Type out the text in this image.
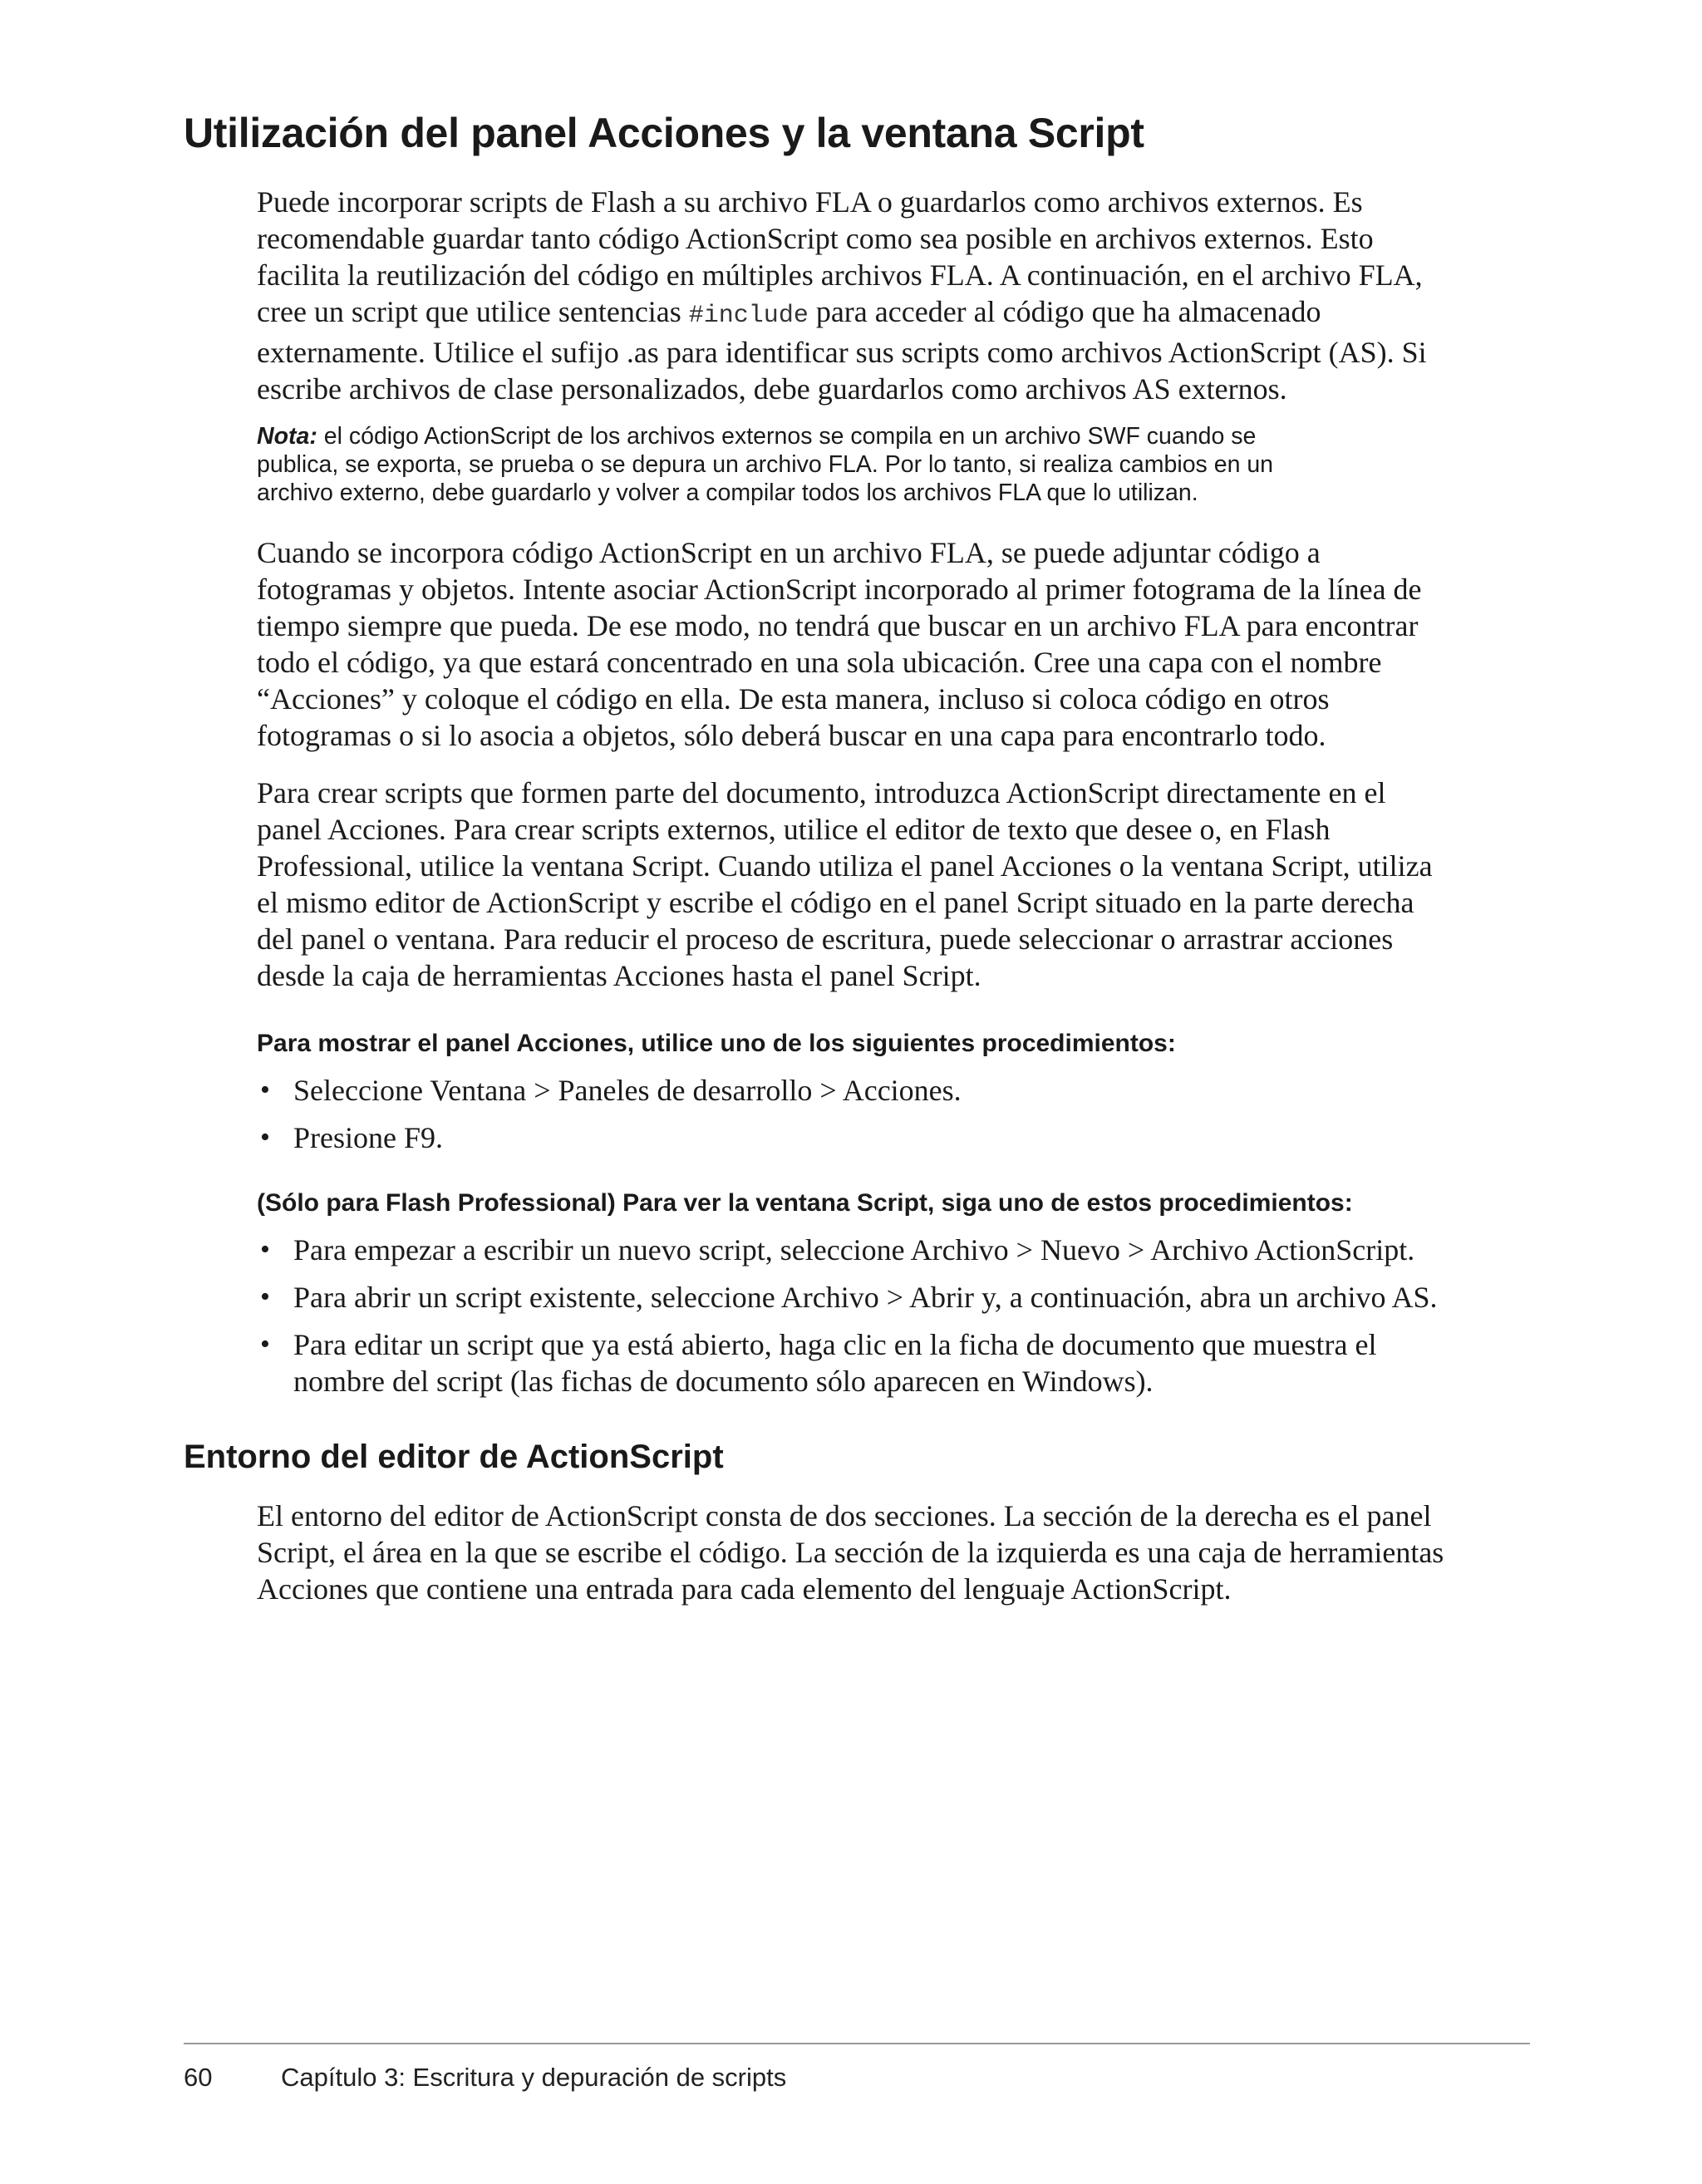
Utilización del panel Acciones y la ventana Script

Puede incorporar scripts de Flash a su archivo FLA o guardarlos como archivos externos. Es
recomendable guardar tanto código ActionScript como sea posible en archivos externos. Esto
facilita la reutilización del código en múltiples archivos FLA. A continuación, en el archivo FLA,
cree un script que utilice sentencias #include para acceder al código que ha almacenado
externamente. Utilice el sufijo .as para identificar sus scripts como archivos ActionScript (AS). Si
escribe archivos de clase personalizados, debe guardarlos como archivos AS externos.

Nota: el código ActionScript de los archivos externos se compila en un archivo SWF cuando se
publica, se exporta, se prueba o se depura un archivo FLA. Por lo tanto, si realiza cambios en un
archivo externo, debe guardarlo y volver a compilar todos los archivos FLA que lo utilizan.

Cuando se incorpora código ActionScript en un archivo FLA, se puede adjuntar código a
fotogramas y objetos. Intente asociar ActionScript incorporado al primer fotograma de la línea de
tiempo siempre que pueda. De ese modo, no tendrá que buscar en un archivo FLA para encontrar
todo el código, ya que estará concentrado en una sola ubicación. Cree una capa con el nombre
“Acciones” y coloque el código en ella. De esta manera, incluso si coloca código en otros
fotogramas o si lo asocia a objetos, sólo deberá buscar en una capa para encontrarlo todo.

Para crear scripts que formen parte del documento, introduzca ActionScript directamente en el
panel Acciones. Para crear scripts externos, utilice el editor de texto que desee o, en Flash
Professional, utilice la ventana Script. Cuando utiliza el panel Acciones o la ventana Script, utiliza
el mismo editor de ActionScript y escribe el código en el panel Script situado en la parte derecha
del panel o ventana. Para reducir el proceso de escritura, puede seleccionar o arrastrar acciones
desde la caja de herramientas Acciones hasta el panel Script.

Para mostrar el panel Acciones, utilice uno de los siguientes procedimientos:

• Seleccione Ventana > Paneles de desarrollo > Acciones.
• Presione F9.

(Sólo para Flash Professional) Para ver la ventana Script, siga uno de estos procedimientos:

• Para empezar a escribir un nuevo script, seleccione Archivo > Nuevo > Archivo ActionScript.
• Para abrir un script existente, seleccione Archivo > Abrir y, a continuación, abra un archivo AS.
• Para editar un script que ya está abierto, haga clic en la ficha de documento que muestra el
nombre del script (las fichas de documento sólo aparecen en Windows).
Entorno del editor de ActionScript

El entorno del editor de ActionScript consta de dos secciones. La sección de la derecha es el panel
Script, el área en la que se escribe el código. La sección de la izquierda es una caja de herramientas
Acciones que contiene una entrada para cada elemento del lenguaje ActionScript.

60	Capítulo 3: Escritura y depuración de scripts
